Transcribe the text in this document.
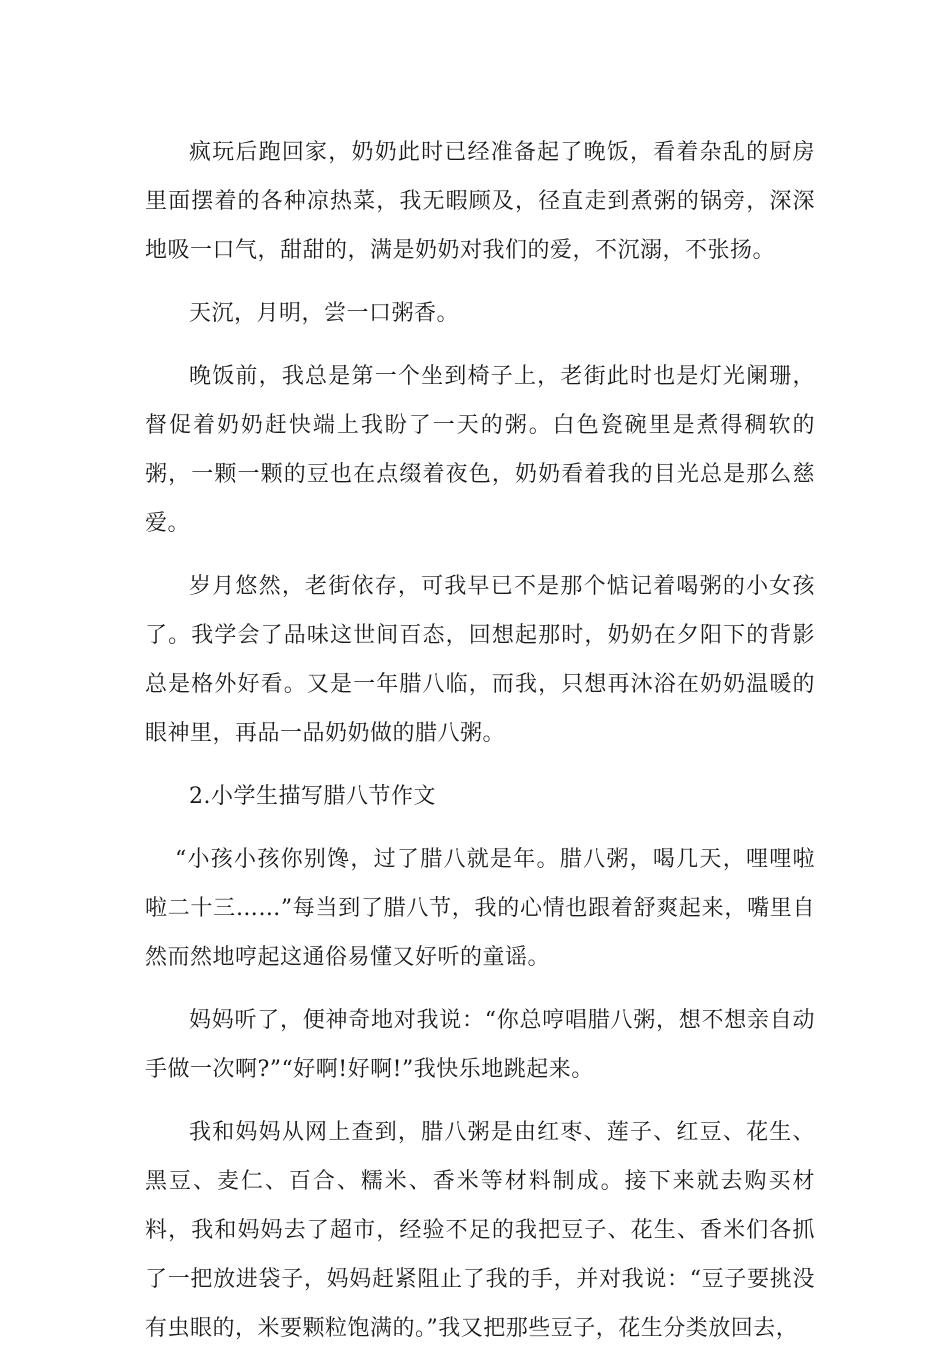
疯玩后跑回家，奶奶此时已经准备起了晚饭，看着杂乱的厨房里面摆着的各种凉热菜，我无暇顾及，径直走到煮粥的锅旁，深深地吸一口气，甜甜的，满是奶奶对我们的爱，不沉溺，不张扬。

天沉，月明，尝一口粥香。

晚饭前，我总是第一个坐到椅子上，老街此时也是灯光阑珊，督促着奶奶赶快端上我盼了一天的粥。白色瓷碗里是煮得稠软的粥，一颗一颗的豆也在点缀着夜色，奶奶看着我的目光总是那么慈爱。

岁月悠然，老街依存，可我早已不是那个惦记着喝粥的小女孩了。我学会了品味这世间百态，回想起那时，奶奶在夕阳下的背影总是格外好看。又是一年腊八临，而我，只想再沐浴在奶奶温暖的眼神里，再品一品奶奶做的腊八粥。

2.小学生描写腊八节作文

“小孩小孩你别馋，过了腊八就是年。腊八粥，喝几天，哩哩啦啦二十三……”每当到了腊八节，我的心情也跟着舒爽起来，嘴里自然而然地哼起这通俗易懂又好听的童谣。

妈妈听了，便神奇地对我说：“你总哼唱腊八粥，想不想亲自动手做一次啊?”“好啊!好啊!”我快乐地跳起来。

我和妈妈从网上查到，腊八粥是由红枣、莲子、红豆、花生、黑豆、麦仁、百合、糯米、香米等材料制成。接下来就去购买材料，我和妈妈去了超市，经验不足的我把豆子、花生、香米们各抓了一把放进袋子，妈妈赶紧阻止了我的手，并对我说：“豆子要挑没有虫眼的，米要颗粒饱满的。”我又把那些豆子，花生分类放回去，
